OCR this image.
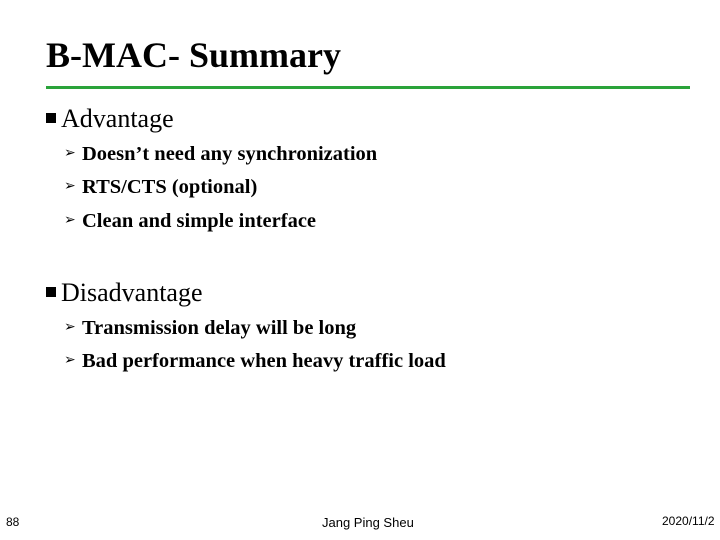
B-MAC- Summary
Advantage
➢ Doesn’t need any synchronization
➢ RTS/CTS (optional)
➢ Clean and simple interface
Disadvantage
➢ Transmission delay will be long
➢ Bad performance when heavy traffic load
88	Jang Ping Sheu	2020/11/2
